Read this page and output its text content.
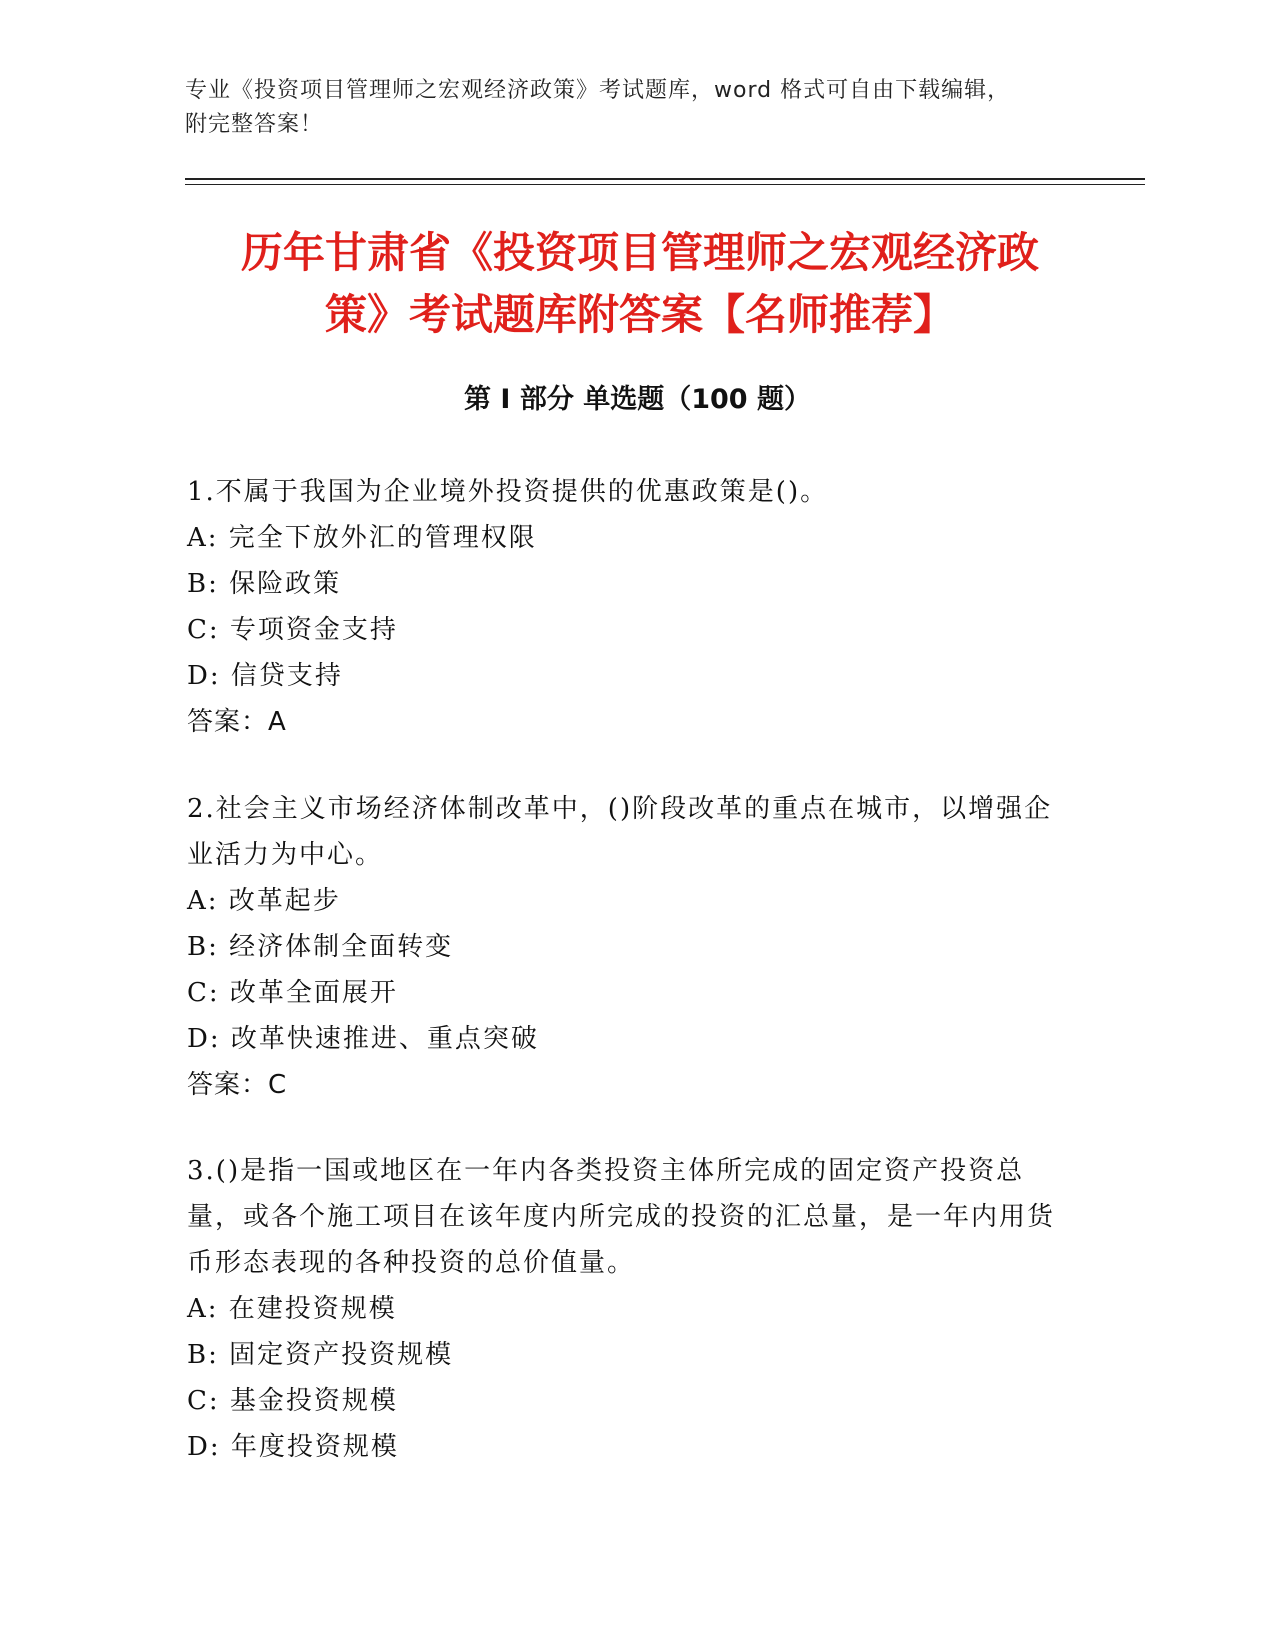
专业《投资项目管理师之宏观经济政策》考试题库，word 格式可自由下载编辑，
附完整答案！
历年甘肃省《投资项目管理师之宏观经济政
策》考试题库附答案【名师推荐】
第 I 部分 单选题（100 题）

1.不属于我国为企业境外投资提供的优惠政策是()。

A: 完全下放外汇的管理权限

B: 保险政策

C: 专项资金支持

D: 信贷支持

答案：A

2.社会主义市场经济体制改革中，()阶段改革的重点在城市，以增强企业活力为中心。

A: 改革起步

B: 经济体制全面转变

C: 改革全面展开

D: 改革快速推进、重点突破

答案：C

3.()是指一国或地区在一年内各类投资主体所完成的固定资产投资总量，或各个施工项目在该年度内所完成的投资的汇总量，是一年内用货币形态表现的各种投资的总价值量。

A: 在建投资规模

B: 固定资产投资规模

C: 基金投资规模

D: 年度投资规模
